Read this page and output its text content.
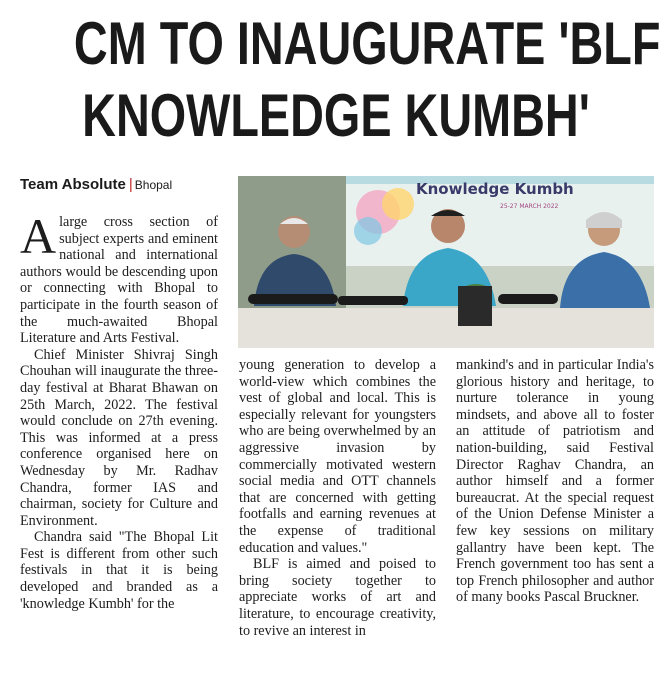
CM TO INAUGURATE 'BLF
KNOWLEDGE KUMBH'
Team Absolute | Bhopal	Knowledge Kumbh
25-27 MARCH 2022

Alarge cross section of subject experts and eminent national and international authors would be descending upon or connecting with Bhopal to participate in the fourth season of the much-awaited Bhopal Literature and Arts Festival.

Chief Minister Shivraj Singh Chouhan will inaugurate the three-day festival at Bharat Bhawan on 25th March, 2022. The festival would conclude on 27th evening. This was informed at a press conference organised here on Wednesday by Mr. Radhav Chandra, former IAS and chairman, society for Culture and Environment.

Chandra said "The Bhopal Lit Fest is different from other such festivals in that it is being developed and branded as a 'knowledge Kumbh' for the

young generation to develop a world-view which combines the vest of global and local. This is especially relevant for youngsters who are being overwhelmed by an aggressive invasion by commercially motivated western social media and OTT channels that are concerned with getting footfalls and earning revenues at the expense of traditional education and values."

BLF is aimed and poised to bring society together to appreciate works of art and literature, to encourage creativity, to revive an interest in

mankind's and in particular India's glorious history and heritage, to nurture tolerance in young mindsets, and above all to foster an attitude of patriotism and nation-building, said Festival Director Raghav Chandra, an author himself and a former bureaucrat. At the special request of the Union Defense Minister a few key sessions on military gallantry have been kept. The French government too has sent a top French philosopher and author of many books Pascal Bruckner.
